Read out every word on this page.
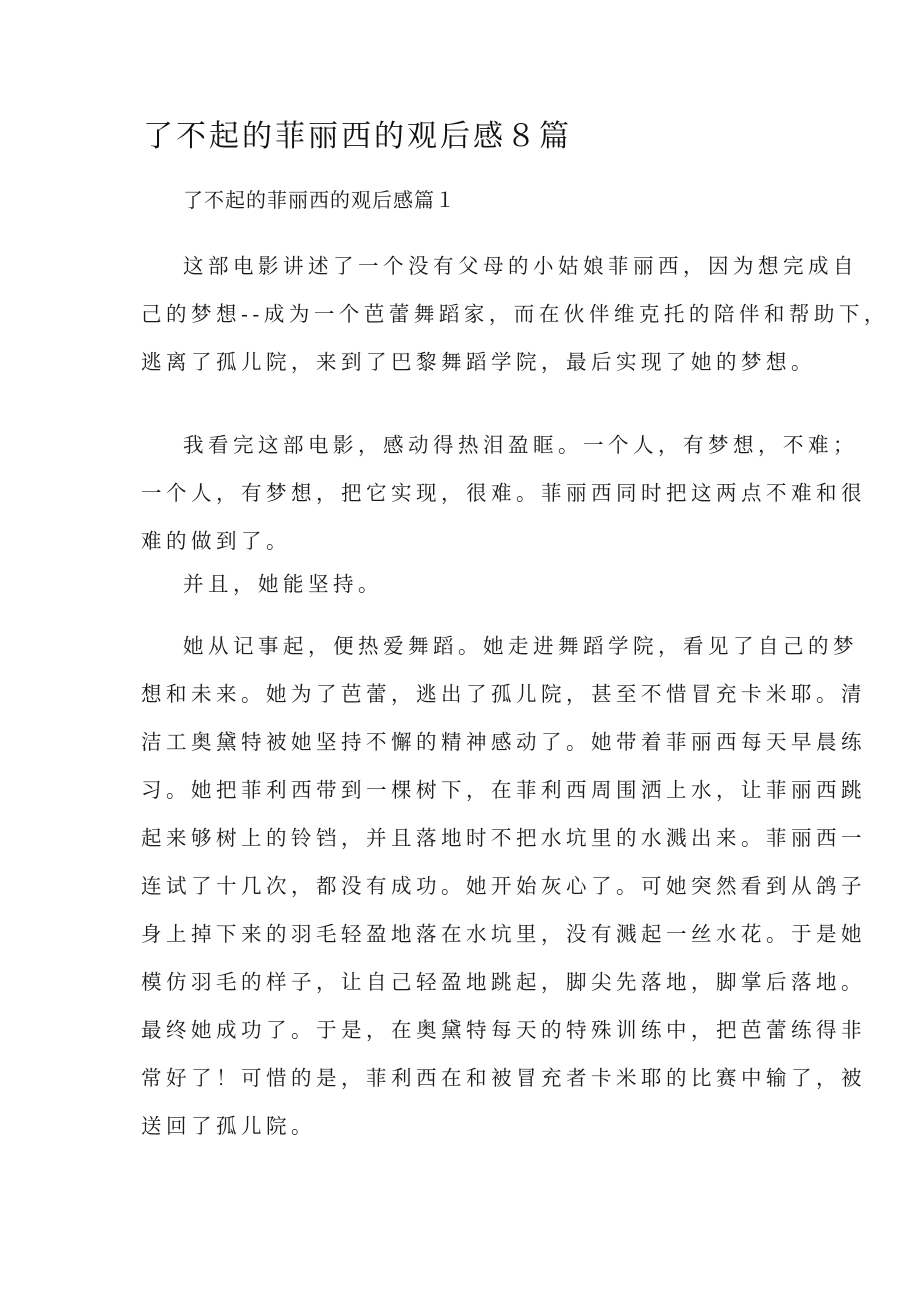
了不起的菲丽西的观后感８篇
了不起的菲丽西的观后感篇１

这部电影讲述了一个没有父母的小姑娘菲丽西，因为想完成自
己的梦想--成为一个芭蕾舞蹈家，而在伙伴维克托的陪伴和帮助下，
逃离了孤儿院，来到了巴黎舞蹈学院，最后实现了她的梦想。

我看完这部电影，感动得热泪盈眶。一个人，有梦想，不难；
一个人，有梦想，把它实现，很难。菲丽西同时把这两点不难和很
难的做到了。

并且，她能坚持。

她从记事起，便热爱舞蹈。她走进舞蹈学院，看见了自己的梦
想和未来。她为了芭蕾，逃出了孤儿院，甚至不惜冒充卡米耶。清
洁工奥黛特被她坚持不懈的精神感动了。她带着菲丽西每天早晨练
习。她把菲利西带到一棵树下，在菲利西周围洒上水，让菲丽西跳
起来够树上的铃铛，并且落地时不把水坑里的水溅出来。菲丽西一
连试了十几次，都没有成功。她开始灰心了。可她突然看到从鸽子
身上掉下来的羽毛轻盈地落在水坑里，没有溅起一丝水花。于是她
模仿羽毛的样子，让自己轻盈地跳起，脚尖先落地，脚掌后落地。
最终她成功了。于是，在奥黛特每天的特殊训练中，把芭蕾练得非
常好了！可惜的是，菲利西在和被冒充者卡米耶的比赛中输了，被
送回了孤儿院。
